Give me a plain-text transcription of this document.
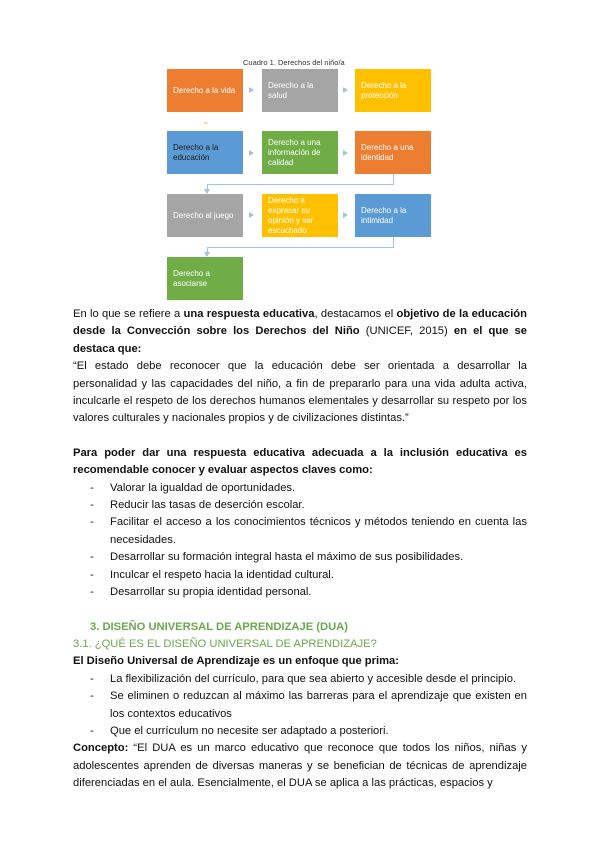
Cuadro 1. Derechos del niño/a
Derecho a la vida
Derecho a la salud
Derecho a la protección
⌄
Derecho a la educación
Derecho a una información de calidad
Derecho a una identidad
Derecho al juego
Derecho a expresar su opinión y ser escuchado
Derecho a la intimidad
Derecho a asociarse

En lo que se refiere a una respuesta educativa, destacamos el objetivo de la educación desde la Convección sobre los Derechos del Niño (UNICEF, 2015) en el que se destaca que:

“El estado debe reconocer que la educación debe ser orientada a desarrollar la personalidad y las capacidades del niño, a fin de prepararlo para una vida adulta activa, inculcarle el respeto de los derechos humanos elementales y desarrollar su respeto por los valores culturales y nacionales propios y de civilizaciones distintas.”

Para poder dar una respuesta educativa adecuada a la inclusión educativa es recomendable conocer y evaluar aspectos claves como:

- Valorar la igualdad de oportunidades.
- Reducir las tasas de deserción escolar.
- Facilitar el acceso a los conocimientos técnicos y métodos teniendo en cuenta las necesidades.
- Desarrollar su formación integral hasta el máximo de sus posibilidades.
- Inculcar el respeto hacia la identidad cultural.
- Desarrollar su propia identidad personal.

3. DISEÑO UNIVERSAL DE APRENDIZAJE (DUA)

3.1. ¿QUÉ ES EL DISEÑO UNIVERSAL DE APRENDIZAJE?

El Diseño Universal de Aprendizaje es un enfoque que prima:

- La flexibilización del currículo, para que sea abierto y accesible desde el principio.
- Se eliminen o reduzcan al máximo las barreras para el aprendizaje que existen en los contextos educativos
- Que el currículum no necesite ser adaptado a posteriori.

Concepto: “El DUA es un marco educativo que reconoce que todos los niños, niñas y adolescentes aprenden de diversas maneras y se benefician de técnicas de aprendizaje diferenciadas en el aula. Esencialmente, el DUA se aplica a las prácticas, espacios y
